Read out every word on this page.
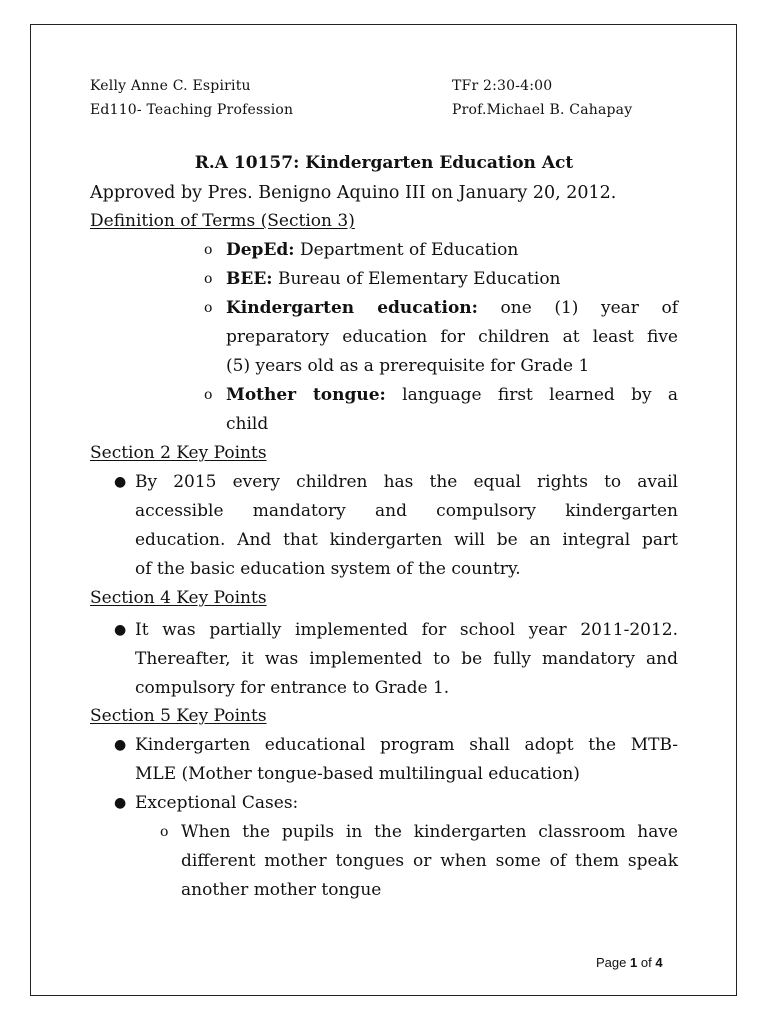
Kelly Anne C. Espiritu	TFr 2:30-4:00
Ed110- Teaching Profession	Prof.Michael B. Cahapay
R.A 10157: Kindergarten Education Act
Approved by Pres. Benigno Aquino III on January 20, 2012.
Definition of Terms (Section 3)
o DepEd: Department of Education
o BEE: Bureau of Elementary Education
o Kindergarten education: one (1) year of
preparatory education for children at least five
(5) years old as a prerequisite for Grade 1
o Mother tongue: language first learned by a
child
Section 2 Key Points
● By 2015 every children has the equal rights to avail
accessible mandatory and compulsory kindergarten
education. And that kindergarten will be an integral part
of the basic education system of the country.
Section 4 Key Points
● It was partially implemented for school year 2011-2012.
Thereafter, it was implemented to be fully mandatory and
compulsory for entrance to Grade 1.
Section 5 Key Points
● Kindergarten educational program shall adopt the MTB-
MLE (Mother tongue-based multilingual education)
● Exceptional Cases:
o When the pupils in the kindergarten classroom have
different mother tongues or when some of them speak
another mother tongue
Page 1 of 4
